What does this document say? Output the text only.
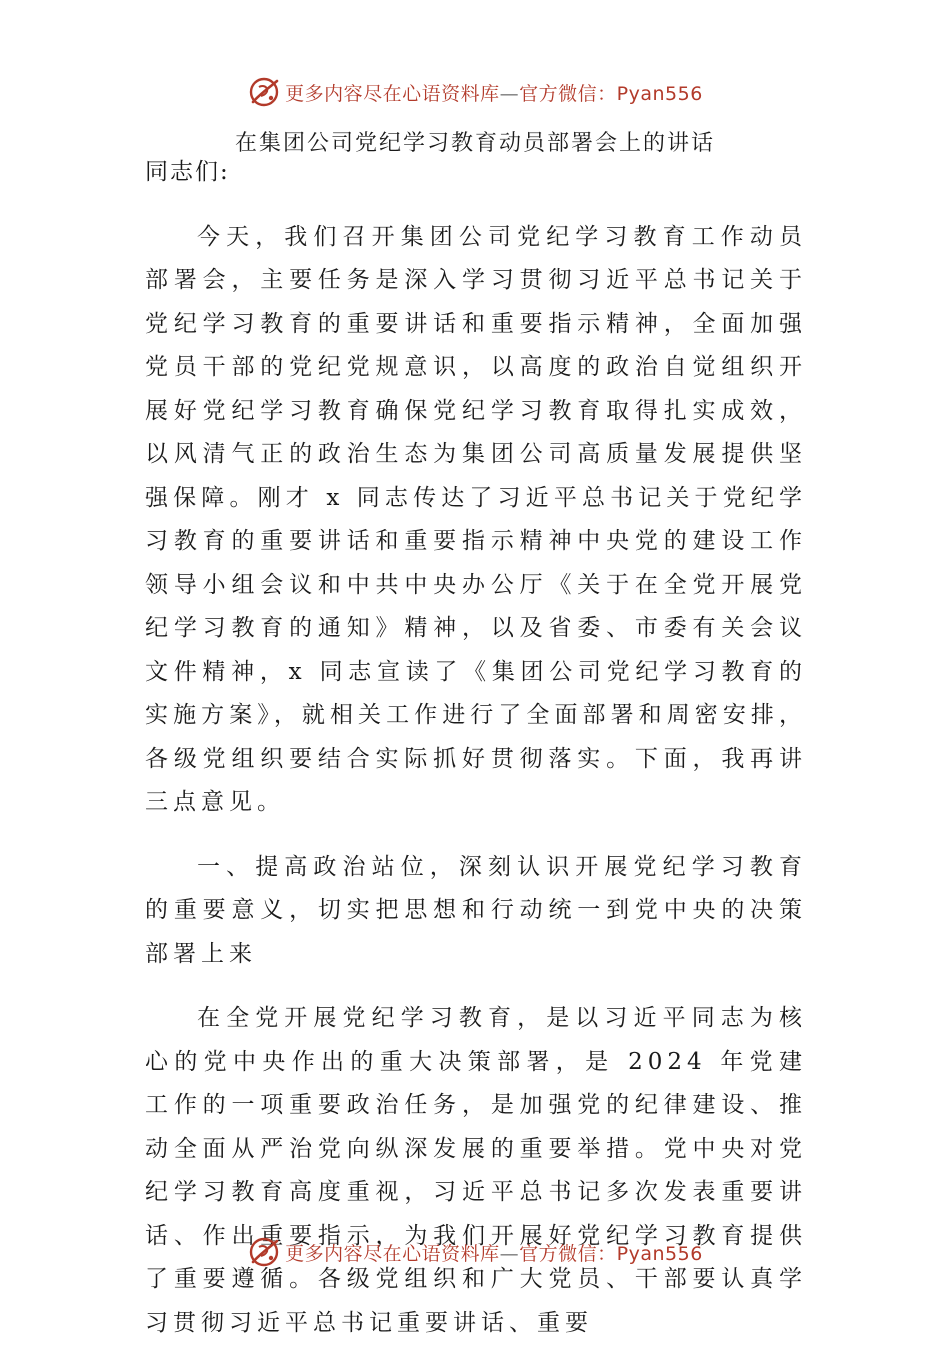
更多内容尽在心语资料库—官方微信：Pyan556
在集团公司党纪学习教育动员部署会上的讲话

同志们:

今天，我们召开集团公司党纪学习教育工作动员部署会，主要任务是深入学习贯彻习近平总书记关于党纪学习教育的重要讲话和重要指示精神，全面加强党员干部的党纪党规意识，以高度的政治自觉组织开展好党纪学习教育确保党纪学习教育取得扎实成效，以风清气正的政治生态为集团公司高质量发展提供坚强保障。刚才 x 同志传达了习近平总书记关于党纪学习教育的重要讲话和重要指示精神中央党的建设工作领导小组会议和中共中央办公厅《关于在全党开展党纪学习教育的通知》精神，以及省委、市委有关会议文件精神，x 同志宣读了《集团公司党纪学习教育的实施方案》，就相关工作进行了全面部署和周密安排，各级党组织要结合实际抓好贯彻落实。下面，我再讲三点意见。

一、提高政治站位，深刻认识开展党纪学习教育的重要意义，切实把思想和行动统一到党中央的决策部署上来

在全党开展党纪学习教育，是以习近平同志为核心的党中央作出的重大决策部署，是 2024 年党建工作的一项重要政治任务，是加强党的纪律建设、推动全面从严治党向纵深发展的重要举措。党中央对党纪学习教育高度重视，习近平总书记多次发表重要讲话、作出重要指示，为我们开展好党纪学习教育提供了重要遵循。各级党组织和广大党员、干部要认真学习贯彻习近平总书记重要讲话、重要

更多内容尽在心语资料库—官方微信：Pyan556
